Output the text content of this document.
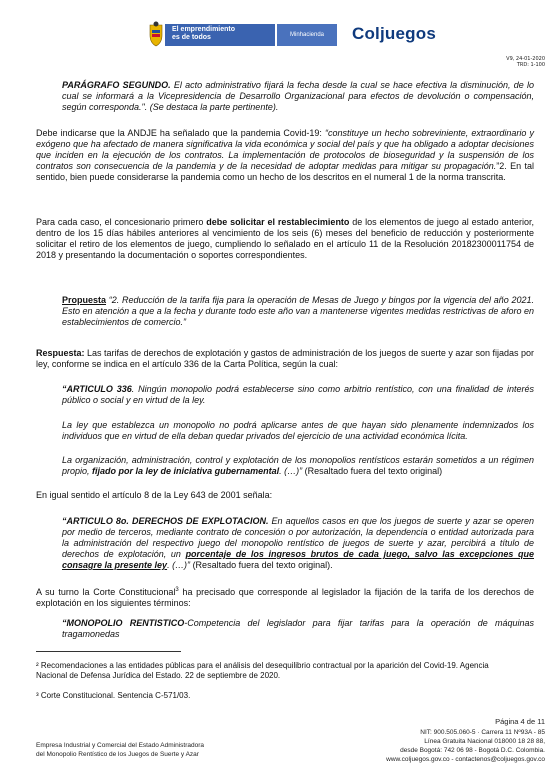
El emprendimiento
es de todos	Minhacienda	Coljuegos
V9, 24-01-2020
TRD: 1-100
PARÁGRAFO SEGUNDO. El acto administrativo fijará la fecha desde la cual se hace efectiva la disminución, de lo cual se informará a la Vicepresidencia de Desarrollo Organizacional para efectos de devolución o compensación, según corresponda.". (Se destaca la parte pertinente).
Debe indicarse que la ANDJE ha señalado que la pandemia Covid-19: “constituye un hecho sobreviniente, extraordinario y exógeno que ha afectado de manera significativa la vida económica y social del país y que ha obligado a adoptar decisiones que inciden en la ejecución de los contratos. La implementación de protocolos de bioseguridad y la suspensión de los contratos son consecuencia de la pandemia y de la necesidad de adoptar medidas para mitigar su propagación.”2. En tal sentido, bien puede considerarse la pandemia como un hecho de los descritos en el numeral 1 de la norma transcrita.
Para cada caso, el concesionario primero debe solicitar el restablecimiento de los elementos de juego al estado anterior, dentro de los 15 días hábiles anteriores al vencimiento de los seis (6) meses del beneficio de reducción y posteriormente solicitar el retiro de los elementos de juego, cumpliendo lo señalado en el artículo 11 de la Resolución 20182300011754 de 2018 y presentando la documentación o soportes correspondientes.
Propuesta “2. Reducción de la tarifa fija para la operación de Mesas de Juego y bingos por la vigencia del año 2021. Esto en atención a que a la fecha y durante todo este año van a mantenerse vigentes medidas restrictivas de aforo en establecimientos de comercio.”
Respuesta: Las tarifas de derechos de explotación y gastos de administración de los juegos de suerte y azar son fijadas por ley, conforme se indica en el artículo 336 de la Carta Política, según la cual:
“ARTICULO 336. Ningún monopolio podrá establecerse sino como arbitrio rentístico, con una finalidad de interés público o social y en virtud de la ley.
La ley que establezca un monopolio no podrá aplicarse antes de que hayan sido plenamente indemnizados los individuos que en virtud de ella deban quedar privados del ejercicio de una actividad económica lícita.
La organización, administración, control y explotación de los monopolios rentísticos estarán sometidos a un régimen propio, fijado por la ley de iniciativa gubernamental. (…)” (Resaltado fuera del texto original)
En igual sentido el artículo 8 de la Ley 643 de 2001 señala:
“ARTICULO 8o. DERECHOS DE EXPLOTACION. En aquellos casos en que los juegos de suerte y azar se operen por medio de terceros, mediante contrato de concesión o por autorización, la dependencia o entidad autorizada para la administración del respectivo juego del monopolio rentístico de juegos de suerte y azar, percibirá a título de derechos de explotación, un porcentaje de los ingresos brutos de cada juego, salvo las excepciones que consagre la presente ley. (…)” (Resaltado fuera del texto original).
A su turno la Corte Constitucional$^3$ ha precisado que corresponde al legislador la fijación de la tarifa de los derechos de explotación en los siguientes términos:
“MONOPOLIO RENTISTICO-Competencia del legislador para fijar tarifas para la operación de máquinas tragamonedas
² Recomendaciones a las entidades públicas para el análisis del desequilibrio contractual por la aparición del Covid-19. Agencia Nacional de Defensa Jurídica del Estado. 22 de septiembre de 2020.
³ Corte Constitucional. Sentencia C-571/03.
Empresa Industrial y Comercial del Estado Administradora
del Monopolio Rentístico de los Juegos de Suerte y Azar
Página 4 de 11
NIT: 900.505.060-5 · Carrera 11 Nº93A - 85
Línea Gratuita Nacional 018000 18 28 88,
desde Bogotá: 742 06 98 - Bogotá D.C. Colombia.
www.coljuegos.gov.co - contactenos@coljuegos.gov.co
